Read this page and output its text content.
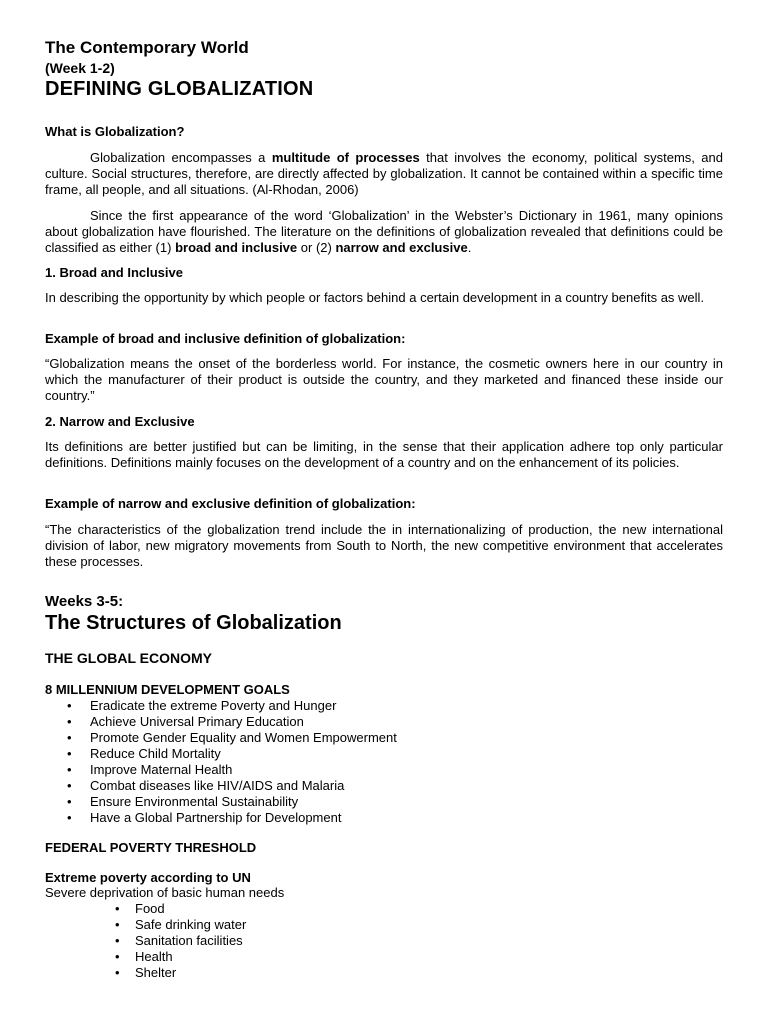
The Contemporary World
(Week 1-2)
DEFINING GLOBALIZATION
What is Globalization?

Globalization encompasses a multitude of processes that involves the economy, political systems, and culture. Social structures, therefore, are directly affected by globalization. It cannot be contained within a specific time frame, all people, and all situations. (Al-Rhodan, 2006)

Since the first appearance of the word ‘Globalization’ in the Webster’s Dictionary in 1961, many opinions about globalization have flourished. The literature on the definitions of globalization revealed that definitions could be classified as either (1) broad and inclusive or (2) narrow and exclusive.

1. Broad and Inclusive

In describing the opportunity by which people or factors behind a certain development in a country benefits as well.

Example of broad and inclusive definition of globalization:

“Globalization means the onset of the borderless world. For instance, the cosmetic owners here in our country in which the manufacturer of their product is outside the country, and they marketed and financed these inside our country.”

2. Narrow and Exclusive

Its definitions are better justified but can be limiting, in the sense that their application adhere top only particular definitions. Definitions mainly focuses on the development of a country and on the enhancement of its policies.

Example of narrow and exclusive definition of globalization:

“The characteristics of the globalization trend include the in internationalizing of production, the new international division of labor, new migratory movements from South to North, the new competitive environment that accelerates these processes.

Weeks 3-5:
The Structures of Globalization
THE GLOBAL ECONOMY
8 MILLENNIUM DEVELOPMENT GOALS
• Eradicate the extreme Poverty and Hunger
• Achieve Universal Primary Education
• Promote Gender Equality and Women Empowerment
• Reduce Child Mortality
• Improve Maternal Health
• Combat diseases like HIV/AIDS and Malaria
• Ensure Environmental Sustainability
• Have a Global Partnership for Development
FEDERAL POVERTY THRESHOLD
Extreme poverty according to UN
Severe deprivation of basic human needs
• Food
• Safe drinking water
• Sanitation facilities
• Health
• Shelter
